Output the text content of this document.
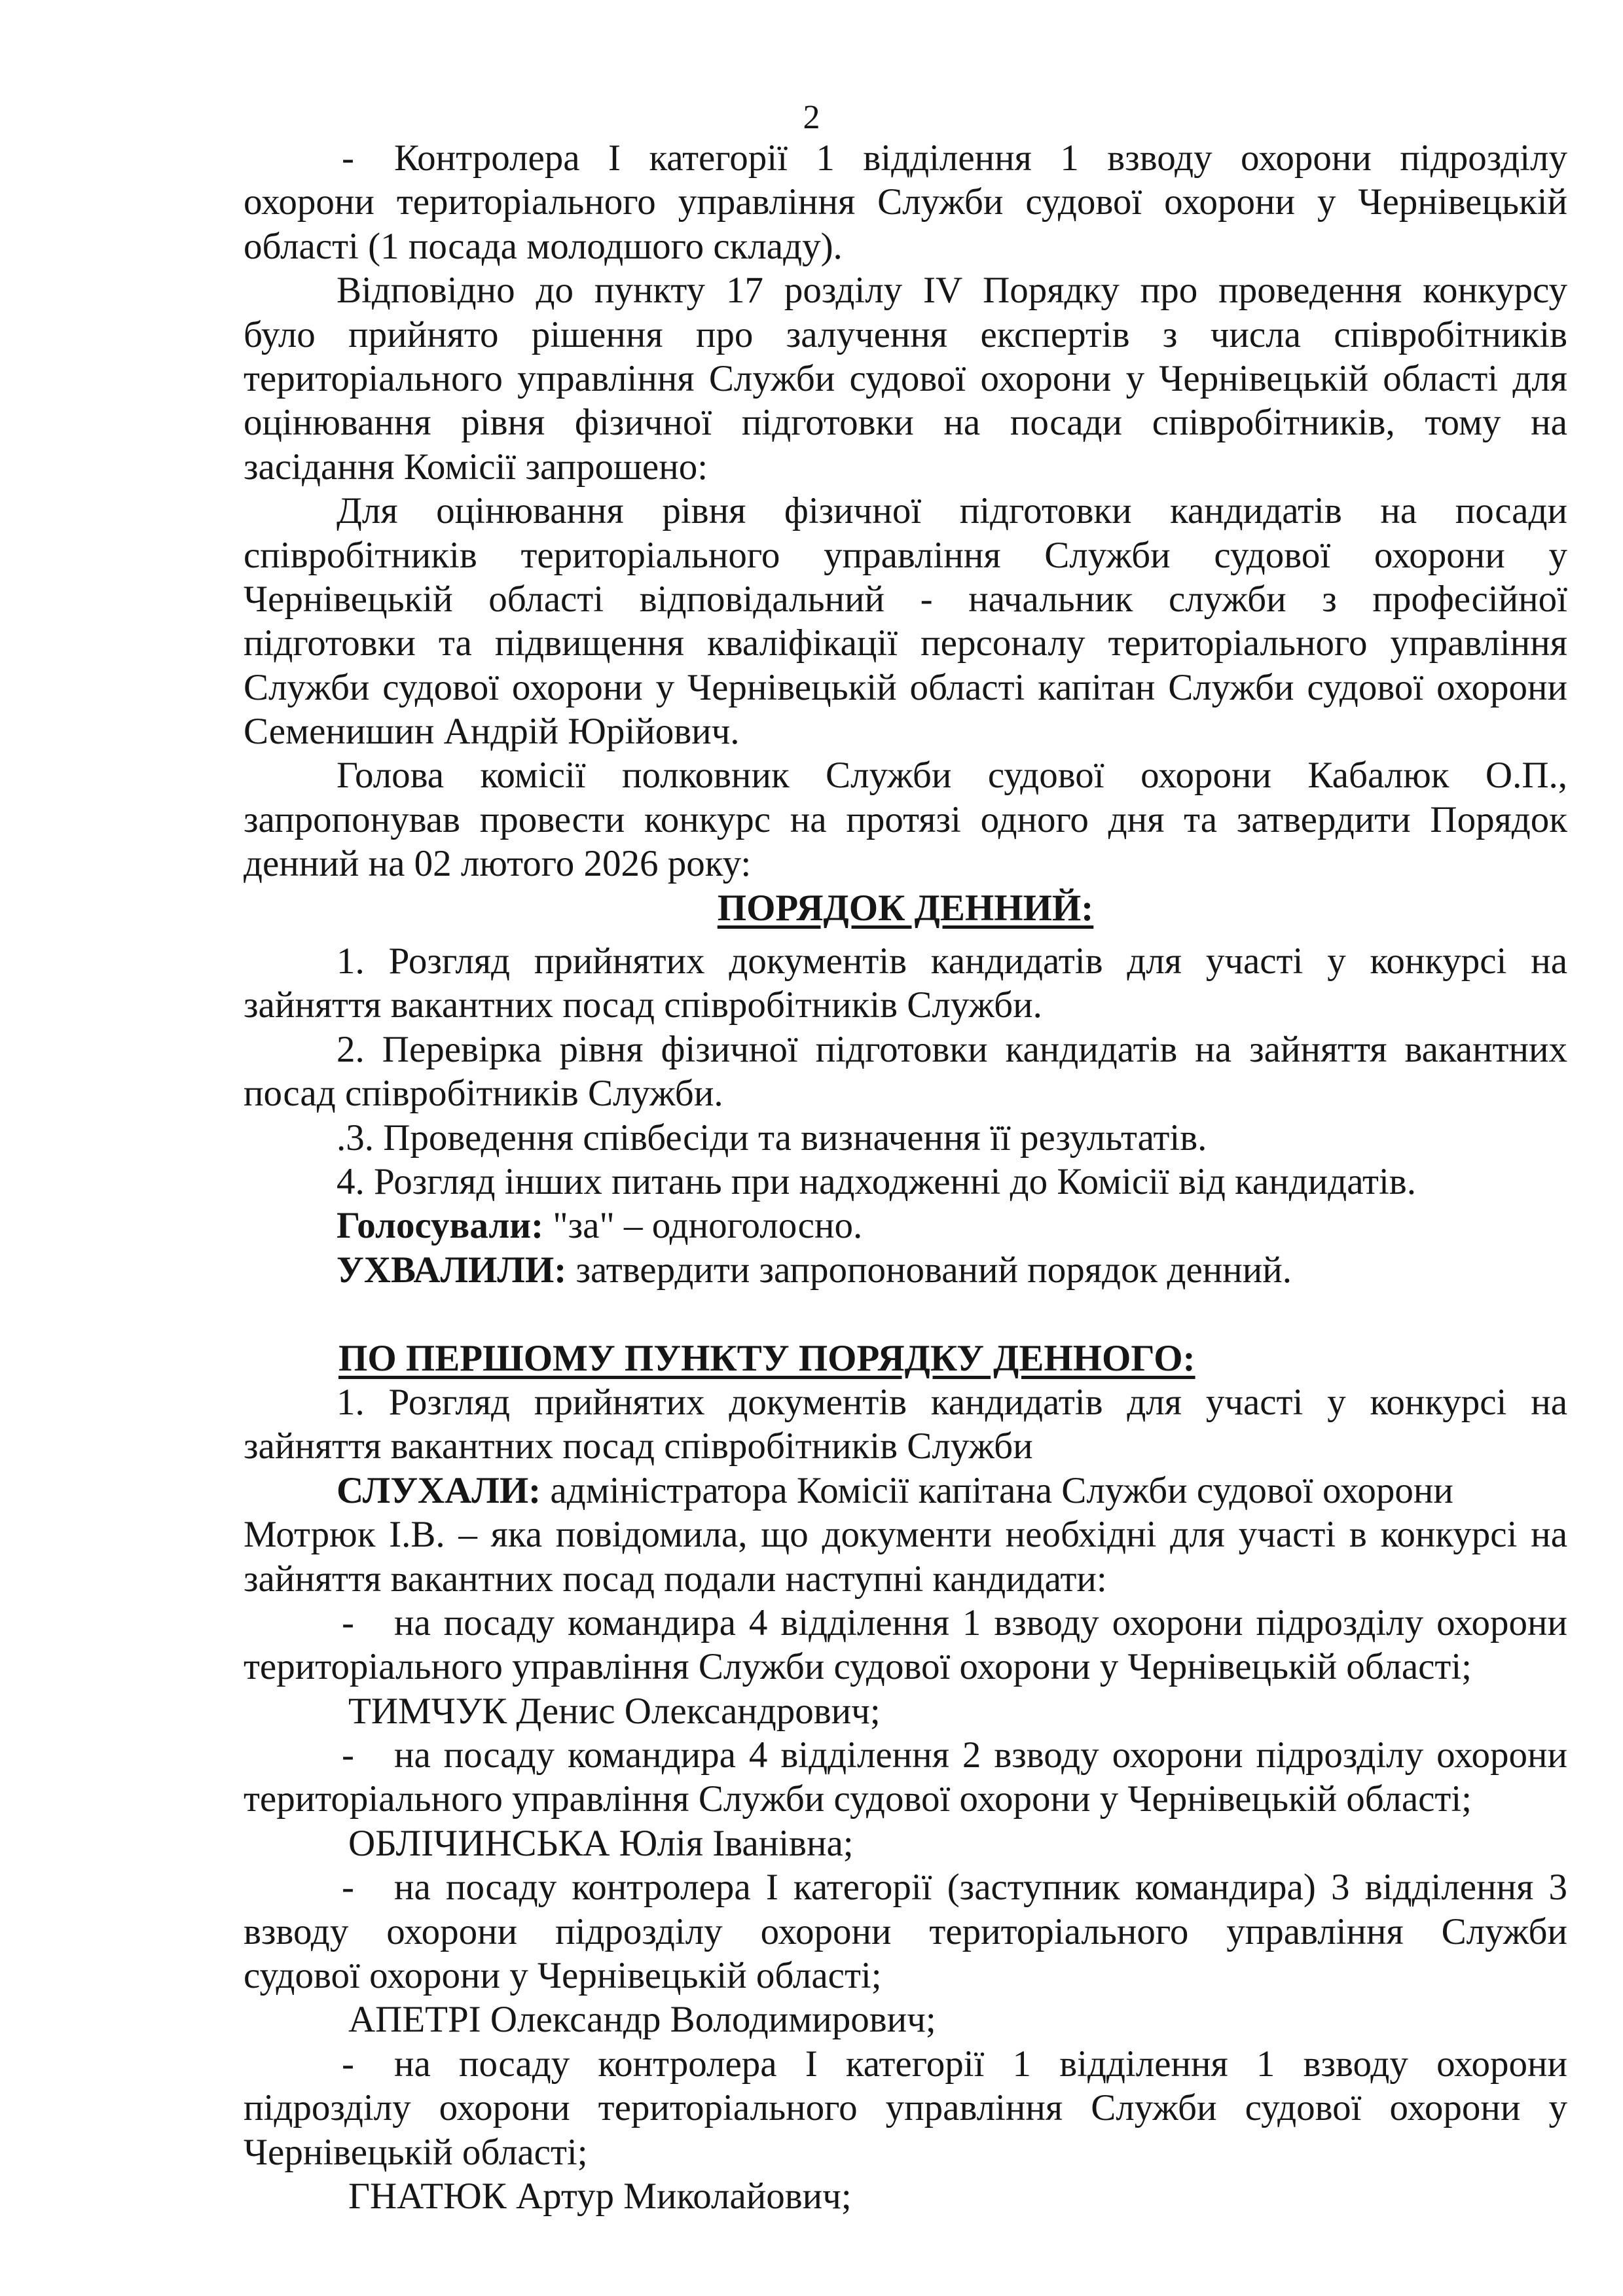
2
-	Контролера I категорії 1 відділення 1 взводу охорони підрозділу
охорони територіального управління Служби судової охорони у Чернівецькій
області (1 посада молодшого складу).
Відповідно до пункту 17 розділу IV Порядку про проведення конкурсу
було прийнято рішення про залучення експертів з числа співробітників
територіального управління Служби судової охорони у Чернівецькій області для
оцінювання рівня фізичної підготовки на посади співробітників, тому на
засідання Комісії запрошено:
Для оцінювання рівня фізичної підготовки кандидатів на посади
співробітників територіального управління Служби судової охорони у
Чернівецькій області відповідальний - начальник служби з професійної
підготовки та підвищення кваліфікації персоналу територіального управління
Служби судової охорони у Чернівецькій області капітан Служби судової охорони
Семенишин Андрій Юрійович.
Голова комісії полковник Служби судової охорони Кабалюк О.П.,
запропонував провести конкурс на протязі одного дня та затвердити Порядок
денний на 02 лютого 2026 року:
ПОРЯДОК ДЕННИЙ:
1. Розгляд прийнятих документів кандидатів для участі у конкурсі на
зайняття вакантних посад співробітників Служби.
2. Перевірка рівня фізичної підготовки кандидатів на зайняття вакантних
посад співробітників Служби.
.3. Проведення співбесіди та визначення її результатів.
4. Розгляд інших питань при надходженні до Комісії від кандидатів.
Голосували: "за" – одноголосно.
УХВАЛИЛИ: затвердити запропонований порядок денний.
ПО ПЕРШОМУ ПУНКТУ ПОРЯДКУ ДЕННОГО:
1. Розгляд прийнятих документів кандидатів для участі у конкурсі на
зайняття вакантних посад співробітників Служби
СЛУХАЛИ: адміністратора Комісії капітана Служби судової охорони
Мотрюк І.В. – яка повідомила, що документи необхідні для участі в конкурсі на
зайняття вакантних посад подали наступні кандидати:
-	на посаду командира 4 відділення 1 взводу охорони підрозділу охорони
територіального управління Служби судової охорони у Чернівецькій області;
ТИМЧУК Денис Олександрович;
-	на посаду командира 4 відділення 2 взводу охорони підрозділу охорони
територіального управління Служби судової охорони у Чернівецькій області;
ОБЛІЧИНСЬКА Юлія Іванівна;
-	на посаду контролера I категорії (заступник командира) 3 відділення 3
взводу охорони підрозділу охорони територіального управління Служби
судової охорони у Чернівецькій області;
АПЕТРІ Олександр Володимирович;
-	на посаду контролера I категорії 1 відділення 1 взводу охорони
підрозділу охорони територіального управління Служби судової охорони у
Чернівецькій області;
ГНАТЮК Артур Миколайович;
